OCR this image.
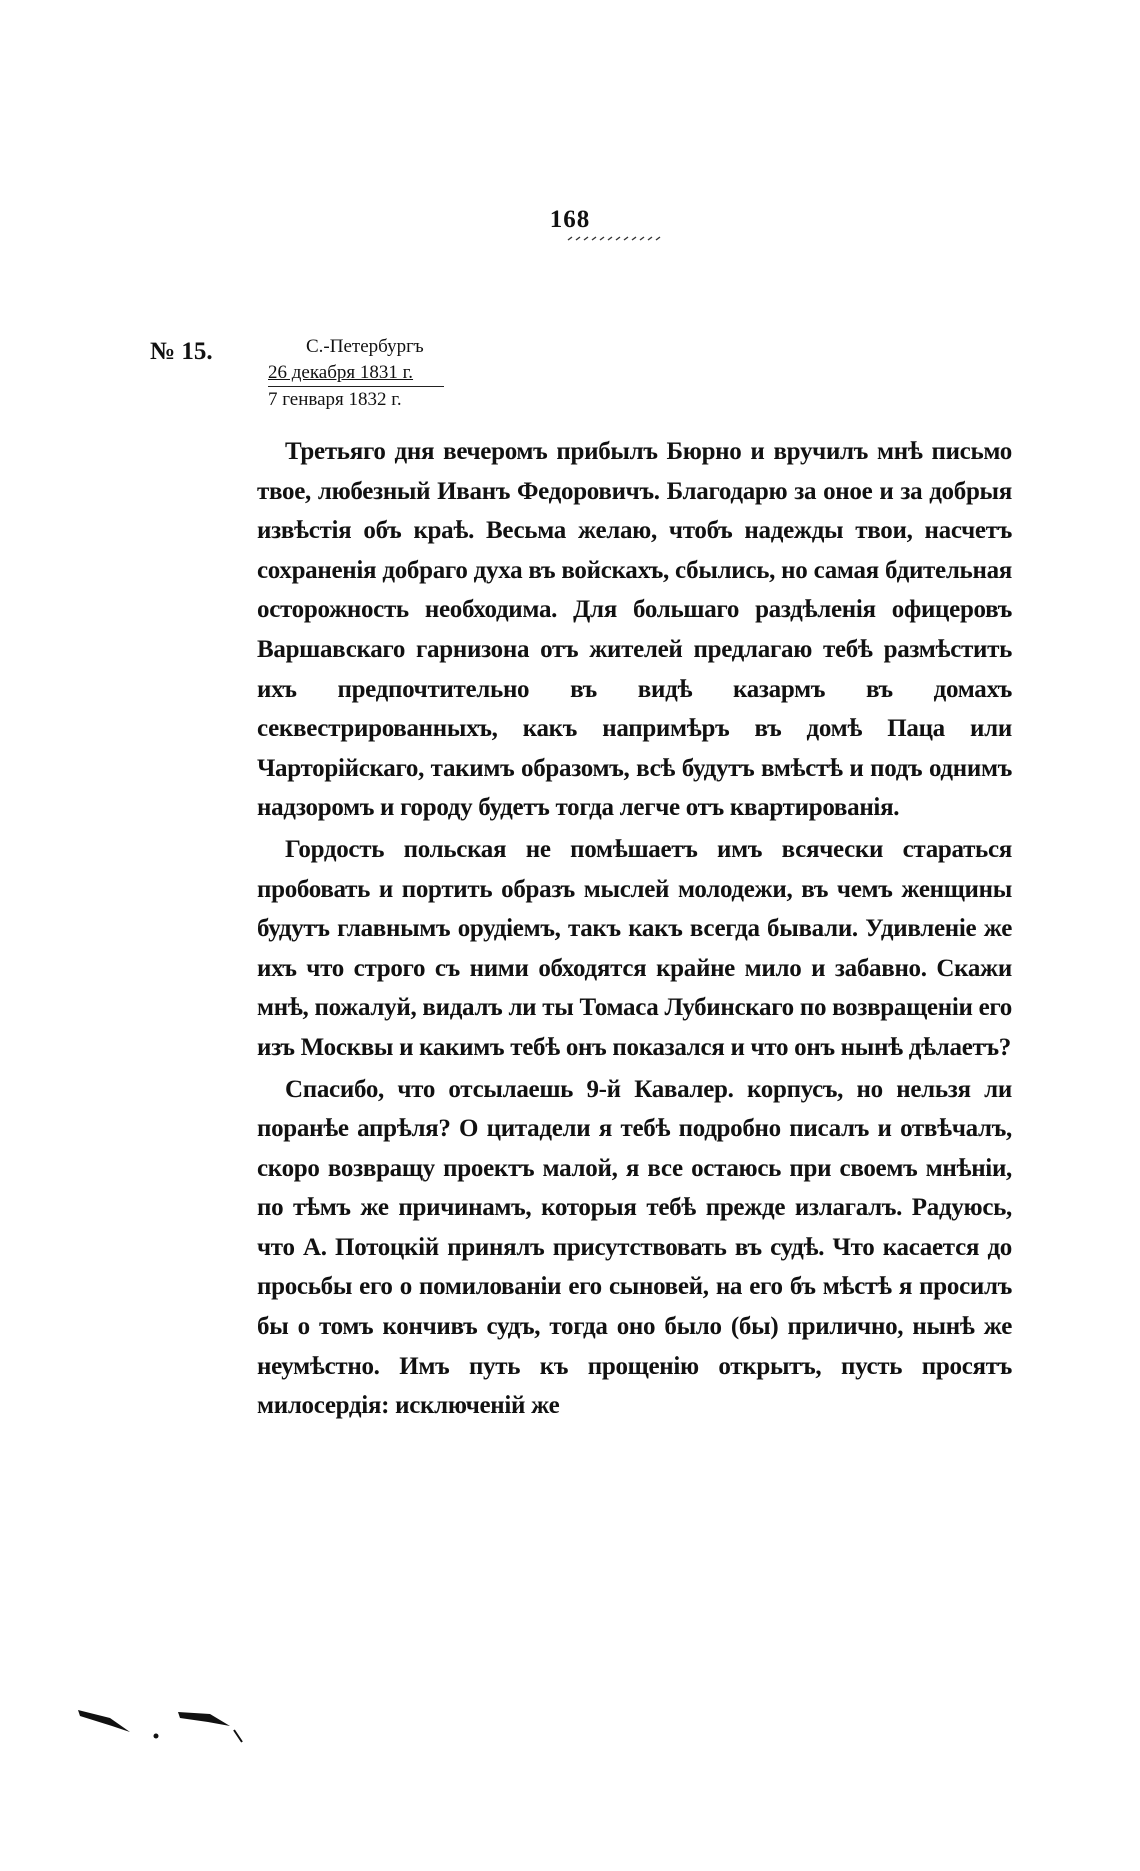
168
№ 15.	С.-Петербургъ
26 декабря 1831 г.
7 генваря 1832 г.

Третьяго дня вечеромъ прибылъ Бюрно и вручилъ мнѣ письмо твое, любезный Иванъ Федоровичъ. Благодарю за оное и за добрыя извѣстія объ краѣ. Весьма желаю, чтобъ надежды твои, насчетъ сохраненія добраго духа въ войскахъ, сбылись, но самая бдительная осторожность необходима. Для большаго раздѣленія офицеровъ Варшавскаго гарнизона отъ жителей предлагаю тебѣ размѣстить ихъ предпочтительно въ видѣ казармъ въ домахъ секвестрированныхъ, какъ напримѣръ въ домѣ Паца или Чарторійскаго, такимъ образомъ, всѣ будутъ вмѣстѣ и подъ однимъ надзоромъ и городу будетъ тогда легче отъ квартированія.

Гордость польская не помѣшаетъ имъ всячески стараться пробовать и портить образъ мыслей молодежи, въ чемъ женщины будутъ главнымъ орудіемъ, такъ какъ всегда бывали. Удивленіе же ихъ что строго съ ними обходятся крайне мило и забавно. Скажи мнѣ, пожалуй, видалъ ли ты Томаса Лубинскаго по возвращеніи его изъ Москвы и какимъ тебѣ онъ показался и что онъ нынѣ дѣлаетъ?

Спасибо, что отсылаешь 9-й Кавалер. корпусъ, но нельзя ли поранѣе апрѣля? О цитадели я тебѣ подробно писалъ и отвѣчалъ, скоро возвращу проектъ малой, я все остаюсь при своемъ мнѣніи, по тѣмъ же причинамъ, которыя тебѣ прежде излагалъ. Радуюсь, что А. Потоцкій принялъ присутствовать въ судѣ. Что касается до просьбы его о помилованіи его сыновей, на его бъ мѣстѣ я просилъ бы о томъ кончивъ судъ, тогда оно было (бы) прилично, нынѣ же неумѣстно. Имъ путь къ прощенію открытъ, пусть просятъ милосердія: исключеній же
